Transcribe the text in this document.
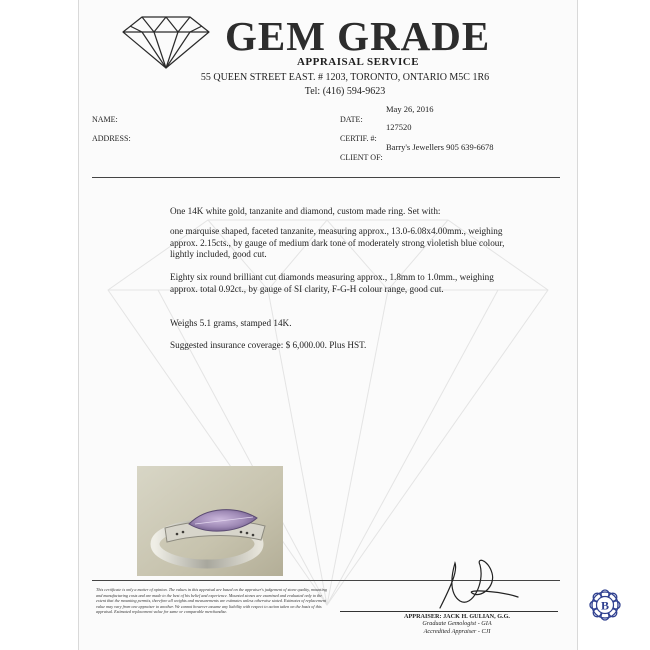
GEM GRADE
APPRAISAL SERVICE
55 QUEEN STREET EAST. # 1203, TORONTO, ONTARIO M5C 1R6
Tel: (416) 594-9623
NAME:
ADDRESS:
May 26, 2016
DATE:
127520
CERTIF. #:
Barry's Jewellers 905 639-6678
CLIENT OF:

One 14K white gold, tanzanite and diamond, custom made ring. Set with:

one marquise shaped, faceted tanzanite, measuring approx., 13.0-6.08x4.00mm., weighing approx. 2.15cts., by gauge of medium dark tone of moderately strong violetish blue colour, lightly included, good cut.

Eighty six round brilliant cut diamonds measuring approx., 1.8mm to 1.0mm., weighing approx. total 0.92ct., by gauge of SI clarity, F-G-H colour range, good cut.

Weighs 5.1 grams, stamped 14K.

Suggested insurance coverage: $ 6,000.00. Plus HST.

This certificate is only a matter of opinion. The values in this appraisal are based on the appraiser's judgement of stone quality, mounting and manufacturing costs and are made to the best of his belief and experience. Mounted stones are examined and evaluated only to the extent that the mounting permits, therefore all weights and measurements are estimates unless otherwise stated. Estimates of replacement value may vary from one appraiser to another. We cannot however assume any liability with respect to action taken on the basis of this appraisal. Estimated replacement value for same or comparable merchandise.

APPRAISER: JACK H. GULIAN, G.G.
Graduate Gemologist - GIA
Accredited Appraiser - CJI
B
